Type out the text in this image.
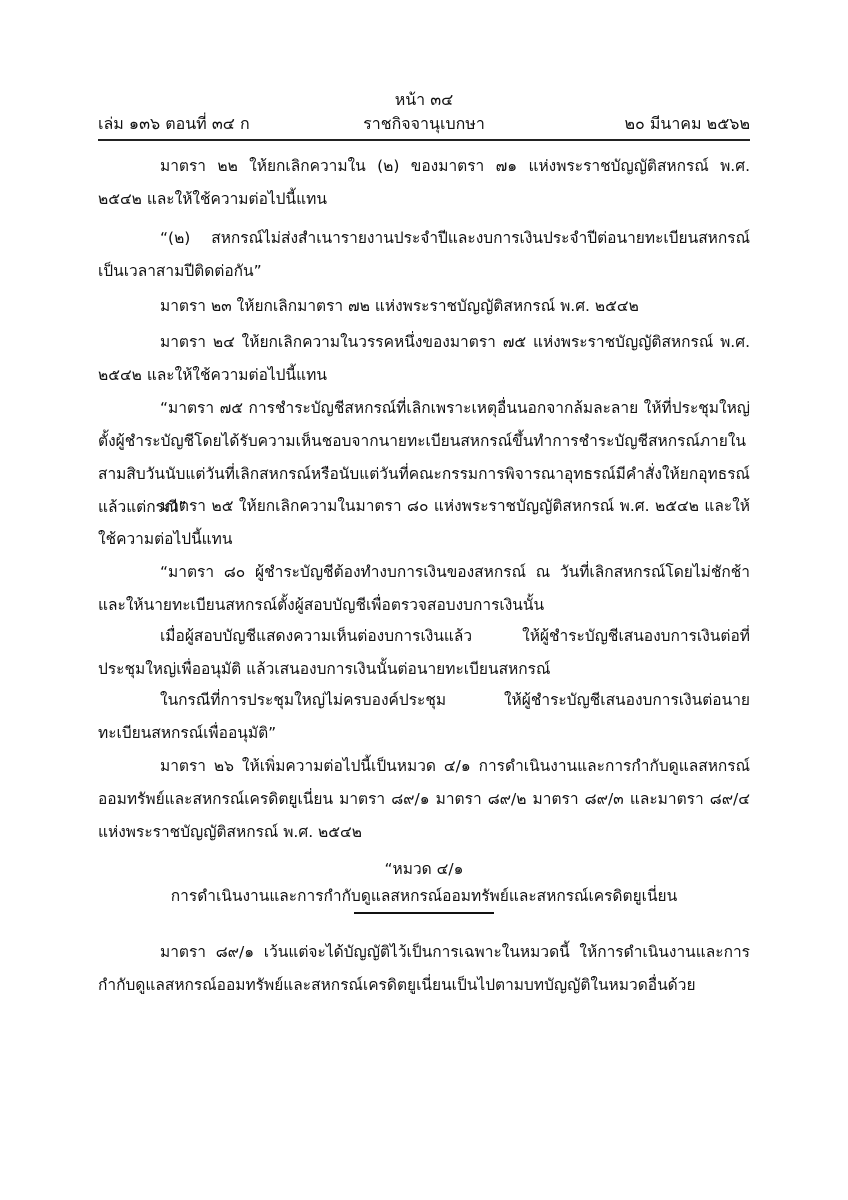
หน้า ๓๔
เล่ม ๑๓๖ ตอนที่ ๓๔ ก	ราชกิจจานุเบกษา	๒๐ มีนาคม ๒๕๖๒

มาตรา ๒๒ ให้ยกเลิกความใน (๒) ของมาตรา ๗๑ แห่งพระราชบัญญัติสหกรณ์ พ.ศ. ๒๕๔๒ และให้ใช้ความต่อไปนี้แทน

“(๒) สหกรณ์ไม่ส่งสำเนารายงานประจำปีและงบการเงินประจำปีต่อนายทะเบียนสหกรณ์เป็นเวลาสามปีติดต่อกัน”

มาตรา ๒๓ ให้ยกเลิกมาตรา ๗๒ แห่งพระราชบัญญัติสหกรณ์ พ.ศ. ๒๕๔๒

มาตรา ๒๔ ให้ยกเลิกความในวรรคหนึ่งของมาตรา ๗๕ แห่งพระราชบัญญัติสหกรณ์ พ.ศ. ๒๕๔๒ และให้ใช้ความต่อไปนี้แทน

“มาตรา ๗๕ การชำระบัญชีสหกรณ์ที่เลิกเพราะเหตุอื่นนอกจากล้มละลาย ให้ที่ประชุมใหญ่ตั้งผู้ชำระบัญชีโดยได้รับความเห็นชอบจากนายทะเบียนสหกรณ์ขึ้นทำการชำระบัญชีสหกรณ์ภายในสามสิบวันนับแต่วันที่เลิกสหกรณ์หรือนับแต่วันที่คณะกรรมการพิจารณาอุทธรณ์มีคำสั่งให้ยกอุทธรณ์ แล้วแต่กรณี”

มาตรา ๒๕ ให้ยกเลิกความในมาตรา ๘๐ แห่งพระราชบัญญัติสหกรณ์ พ.ศ. ๒๕๔๒ และให้ใช้ความต่อไปนี้แทน

“มาตรา ๘๐ ผู้ชำระบัญชีต้องทำงบการเงินของสหกรณ์ ณ วันที่เลิกสหกรณ์โดยไม่ชักช้า และให้นายทะเบียนสหกรณ์ตั้งผู้สอบบัญชีเพื่อตรวจสอบงบการเงินนั้น

เมื่อผู้สอบบัญชีแสดงความเห็นต่องบการเงินแล้ว ให้ผู้ชำระบัญชีเสนองบการเงินต่อที่ประชุมใหญ่เพื่ออนุมัติ แล้วเสนองบการเงินนั้นต่อนายทะเบียนสหกรณ์

ในกรณีที่การประชุมใหญ่ไม่ครบองค์ประชุม ให้ผู้ชำระบัญชีเสนองบการเงินต่อนายทะเบียนสหกรณ์เพื่ออนุมัติ”

มาตรา ๒๖ ให้เพิ่มความต่อไปนี้เป็นหมวด ๔/๑ การดำเนินงานและการกำกับดูแลสหกรณ์ออมทรัพย์และสหกรณ์เครดิตยูเนี่ยน มาตรา ๘๙/๑ มาตรา ๘๙/๒ มาตรา ๘๙/๓ และมาตรา ๘๙/๔ แห่งพระราชบัญญัติสหกรณ์ พ.ศ. ๒๕๔๒

“หมวด ๔/๑
การดำเนินงานและการกำกับดูแลสหกรณ์ออมทรัพย์และสหกรณ์เครดิตยูเนี่ยน

มาตรา ๘๙/๑ เว้นแต่จะได้บัญญัติไว้เป็นการเฉพาะในหมวดนี้ ให้การดำเนินงานและการกำกับดูแลสหกรณ์ออมทรัพย์และสหกรณ์เครดิตยูเนี่ยนเป็นไปตามบทบัญญัติในหมวดอื่นด้วย
